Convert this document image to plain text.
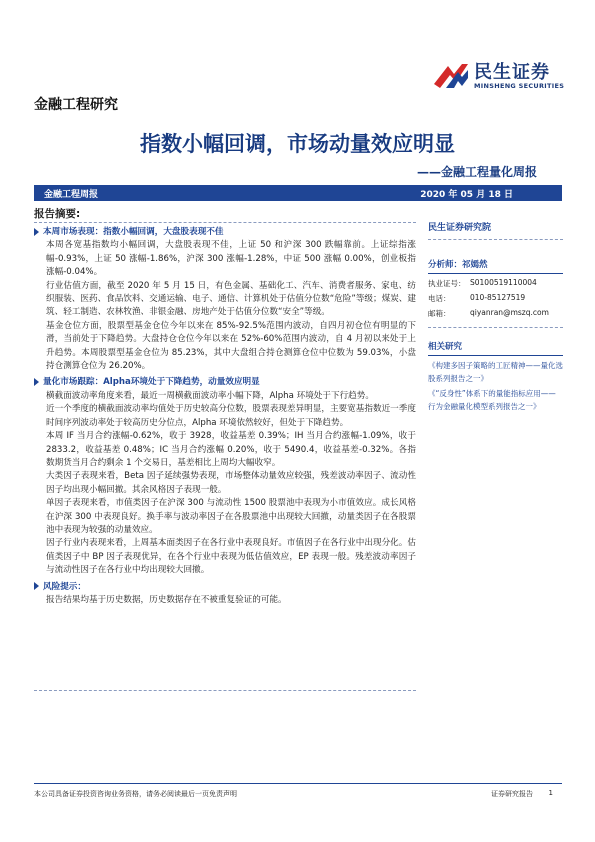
民生证券
MINSHENG SECURITIES
金融工程研究
指数小幅回调，市场动量效应明显
——金融工程量化周报
金融工程周报	2020 年 05 月 18 日
报告摘要:

本周市场表现：指数小幅回调，大盘股表现不佳

本周各宽基指数均小幅回调，大盘股表现不佳，上证 50 和沪深 300 跌幅靠前。上证综指涨幅-0.93%，上证 50 涨幅-1.86%，沪深 300 涨幅-1.28%，中证 500 涨幅 0.00%，创业板指涨幅-0.04%。

行业估值方面，截至 2020 年 5 月 15 日，有色金属、基础化工、汽车、消费者服务、家电、纺织服装、医药、食品饮料、交通运输、电子、通信、计算机处于估值分位数“危险”等级；煤炭、建筑、轻工制造、农林牧渔、非银金融、房地产处于估值分位数“安全”等级。

基金仓位方面，股票型基金仓位今年以来在 85%-92.5%范围内波动，自四月初仓位有明显的下滑，当前处于下降趋势。大盘持仓仓位今年以来在 52%-60%范围内波动，自 4 月初以来处于上升趋势。本周股票型基金仓位为 85.23%，其中大盘组合持仓测算仓位中位数为 59.03%，小盘持仓测算仓位为 26.20%。

量化市场跟踪：Alpha环境处于下降趋势，动量效应明显

横截面波动率角度来看，最近一周横截面波动率小幅下降，Alpha 环境处于下行趋势。

近一个季度的横截面波动率均值处于历史较高分位数，股票表现差异明显，主要宽基指数近一季度时间序列波动率处于较高历史分位点，Alpha 环境依然较好，但处于下降趋势。

本周 IF 当月合约涨幅-0.62%，收于 3928，收益基差 0.39%；IH 当月合约涨幅-1.09%，收于 2833.2，收益基差 0.48%；IC 当月合约涨幅 0.20%，收于 5490.4，收益基差-0.32%。各指数期货当月合约剩余 1 个交易日，基差相比上周均大幅收窄。

大类因子表现来看，Beta 因子延续强势表现，市场整体动量效应较强，残差波动率因子、流动性因子均出现小幅回撤。其余风格因子表现一般。

单因子表现来看，市值类因子在沪深 300 与流动性 1500 股票池中表现为小市值效应。成长风格在沪深 300 中表现良好。换手率与波动率因子在各股票池中出现较大回撤，动量类因子在各股票池中表现为较强的动量效应。

因子行业内表现来看，上周基本面类因子在各行业中表现良好。市值因子在各行业中出现分化。估值类因子中 BP 因子表现优异，在各个行业中表现为低估值效应，EP 表现一般。残差波动率因子与流动性因子在各行业中均出现较大回撤。

风险提示：

报告结果均基于历史数据，历史数据存在不被重复验证的可能。

民生证券研究院
分析师：祁嫣然
执业证号： S0100519110004
电话：	010-85127519
邮箱：	qiyanran@mszq.com
相关研究
《构建多因子策略的工匠精神——量化选股系列报告之一》
《“反身性”体系下的量能指标应用——行为金融量化模型系列报告之一》
本公司具备证券投资咨询业务资格，请务必阅读最后一页免责声明	证券研究报告 1
